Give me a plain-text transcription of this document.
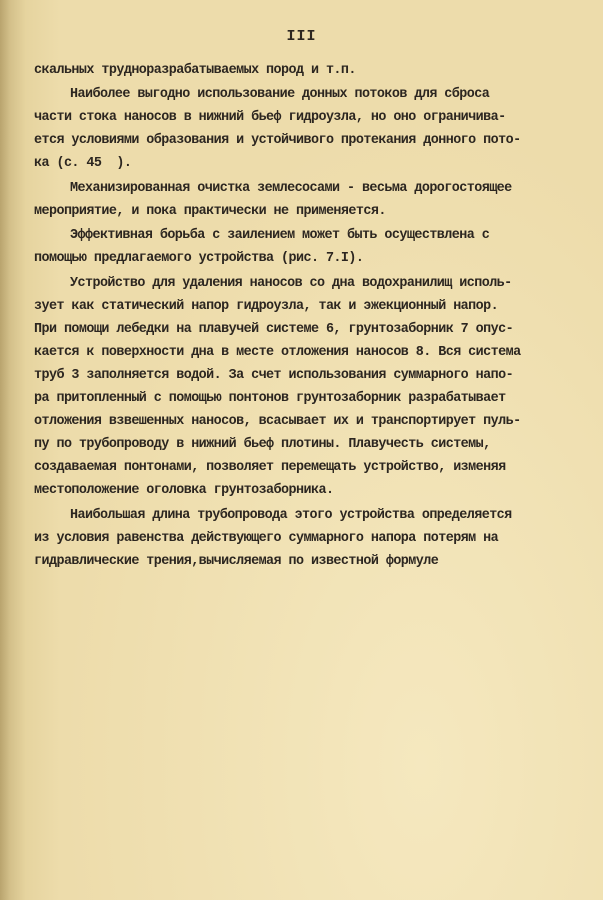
III
скальных трудноразрабатываемых пород и т.п.
Наиболее выгодно использование донных потоков для сброса
части стока наносов в нижний бьеф гидроузла, но оно ограничива-
ется условиями образования и устойчивого протекания донного пото-
ка (с. 45  ).
Механизированная очистка землесосами - весьма дорогостоящее
мероприятие, и пока практически не применяется.
Эффективная борьба с заилением может быть осуществлена с
помощью предлагаемого устройства (рис. 7.I).
Устройство для удаления наносов со дна водохранилищ исполь-
зует как статический напор гидроузла, так и эжекционный напор.
При помощи лебедки на плавучей системе 6, грунтозаборник 7 опус-
кается к поверхности дна в месте отложения наносов 8. Вся система
труб 3 заполняется водой. За счет использования суммарного напо-
ра притопленный с помощью понтонов грунтозаборник разрабатывает
отложения взвешенных наносов, всасывает их и транспортирует пуль-
пу по трубопроводу в нижний бьеф плотины. Плавучесть системы,
создаваемая понтонами, позволяет перемещать устройство, изменяя
местоположение оголовка грунтозаборника.
Наибольшая длина трубопровода этого устройства определяется
из условия равенства действующего суммарного напора потерям на
гидравлические трения,вычисляемая по известной формуле
